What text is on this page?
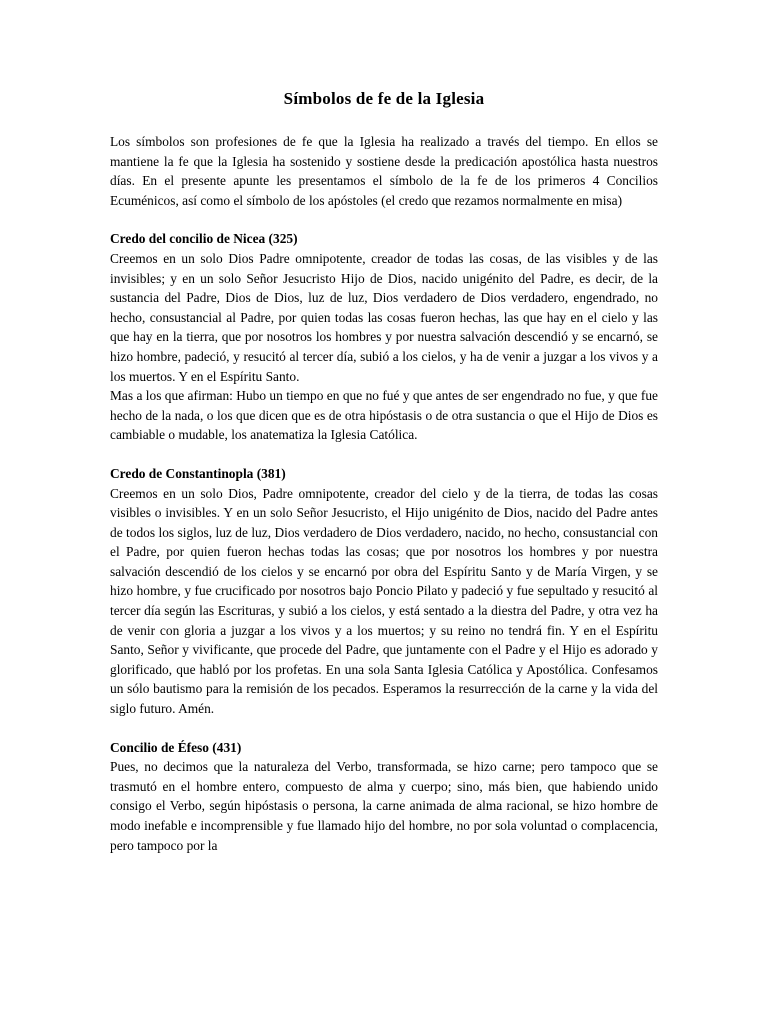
Símbolos de fe de la Iglesia

Los símbolos son profesiones de fe que la Iglesia ha realizado a través del tiempo. En ellos se mantiene la fe que la Iglesia ha sostenido y sostiene desde la predicación apostólica hasta nuestros días. En el presente apunte les presentamos el símbolo de la fe de los primeros 4 Concilios Ecuménicos, así como el símbolo de los apóstoles (el credo que rezamos normalmente en misa)

Credo del concilio de Nicea (325)

Creemos en un solo Dios Padre omnipotente, creador de todas las cosas, de las visibles y de las invisibles; y en un solo Señor Jesucristo Hijo de Dios, nacido unigénito del Padre, es decir, de la sustancia del Padre, Dios de Dios, luz de luz, Dios verdadero de Dios verdadero, engendrado, no hecho, consustancial al Padre, por quien todas las cosas fueron hechas, las que hay en el cielo y las que hay en la tierra, que por nosotros los hombres y por nuestra salvación descendió y se encarnó, se hizo hombre, padeció, y resucitó al tercer día, subió a los cielos, y ha de venir a juzgar a los vivos y a los muertos. Y en el Espíritu Santo.

Mas a los que afirman: Hubo un tiempo en que no fué y que antes de ser engendrado no fue, y que fue hecho de la nada, o los que dicen que es de otra hipóstasis o de otra sustancia o que el Hijo de Dios es cambiable o mudable, los anatematiza la Iglesia Católica.

Credo de Constantinopla (381)

Creemos en un solo Dios, Padre omnipotente, creador del cielo y de la tierra, de todas las cosas visibles o invisibles. Y en un solo Señor Jesucristo, el Hijo unigénito de Dios, nacido del Padre antes de todos los siglos, luz de luz, Dios verdadero de Dios verdadero, nacido, no hecho, consustancial con el Padre, por quien fueron hechas todas las cosas; que por nosotros los hombres y por nuestra salvación descendió de los cielos y se encarnó por obra del Espíritu Santo y de María Virgen, y se hizo hombre, y fue crucificado por nosotros bajo Poncio Pilato y padeció y fue sepultado y resucitó al tercer día según las Escrituras, y subió a los cielos, y está sentado a la diestra del Padre, y otra vez ha de venir con gloria a juzgar a los vivos y a los muertos; y su reino no tendrá fin. Y en el Espíritu Santo, Señor y vivificante, que procede del Padre, que juntamente con el Padre y el Hijo es adorado y glorificado, que habló por los profetas. En una sola Santa Iglesia Católica y Apostólica. Confesamos un sólo bautismo para la remisión de los pecados. Esperamos la resurrección de la carne y la vida del siglo futuro. Amén.

Concilio de Éfeso (431)

Pues, no decimos que la naturaleza del Verbo, transformada, se hizo carne; pero tampoco que se trasmutó en el hombre entero, compuesto de alma y cuerpo; sino, más bien, que habiendo unido consigo el Verbo, según hipóstasis o persona, la carne animada de alma racional, se hizo hombre de modo inefable e incomprensible y fue llamado hijo del hombre, no por sola voluntad o complacencia, pero tampoco por la
